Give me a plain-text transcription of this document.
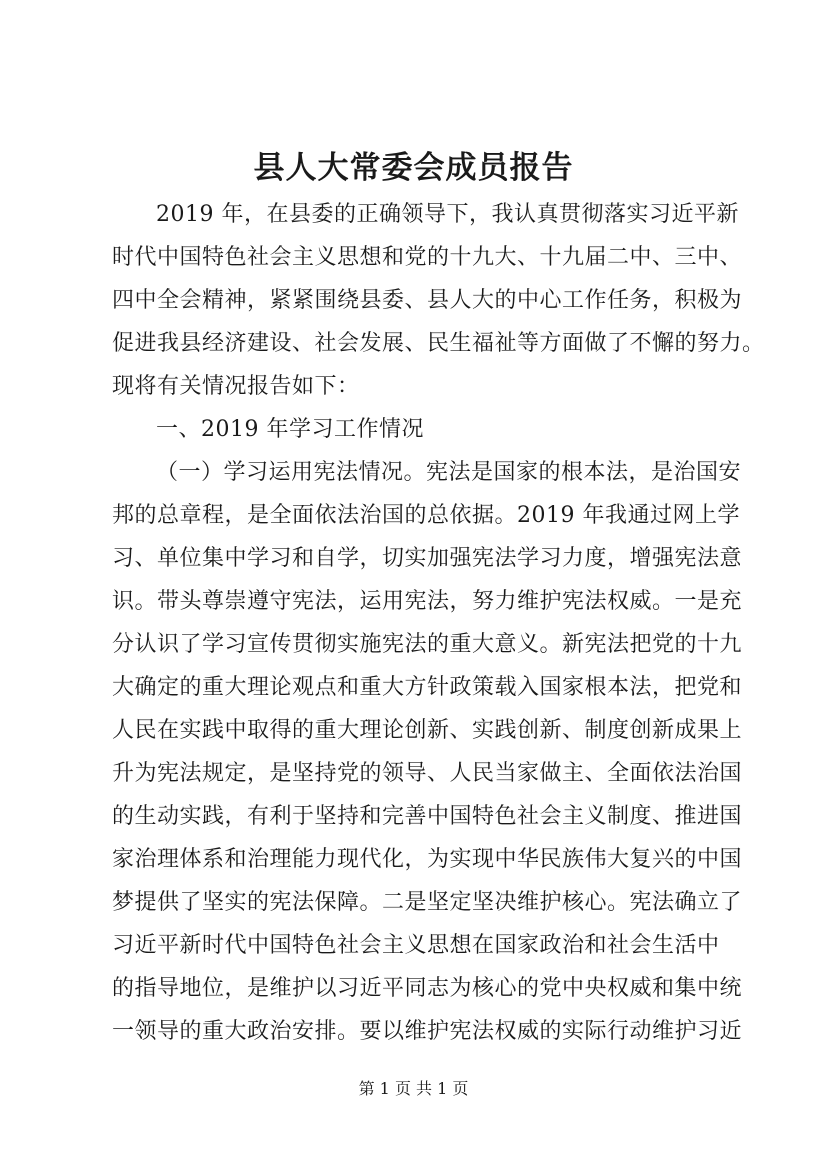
县人大常委会成员报告
2019 年，在县委的正确领导下，我认真贯彻落实习近平新
时代中国特色社会主义思想和党的十九大、十九届二中、三中、
四中全会精神，紧紧围绕县委、县人大的中心工作任务，积极为
促进我县经济建设、社会发展、民生福祉等方面做了不懈的努力。
现将有关情况报告如下：
一、2019 年学习工作情况
（一）学习运用宪法情况。宪法是国家的根本法，是治国安
邦的总章程，是全面依法治国的总依据。2019 年我通过网上学
习、单位集中学习和自学，切实加强宪法学习力度，增强宪法意
识。带头尊崇遵守宪法，运用宪法，努力维护宪法权威。一是充
分认识了学习宣传贯彻实施宪法的重大意义。新宪法把党的十九
大确定的重大理论观点和重大方针政策载入国家根本法，把党和
人民在实践中取得的重大理论创新、实践创新、制度创新成果上
升为宪法规定，是坚持党的领导、人民当家做主、全面依法治国
的生动实践，有利于坚持和完善中国特色社会主义制度、推进国
家治理体系和治理能力现代化，为实现中华民族伟大复兴的中国
梦提供了坚实的宪法保障。二是坚定坚决维护核心。宪法确立了
习近平新时代中国特色社会主义思想在国家政治和社会生活中
的指导地位，是维护以习近平同志为核心的党中央权威和集中统
一领导的重大政治安排。要以维护宪法权威的实际行动维护习近
第 1 页 共 1 页
